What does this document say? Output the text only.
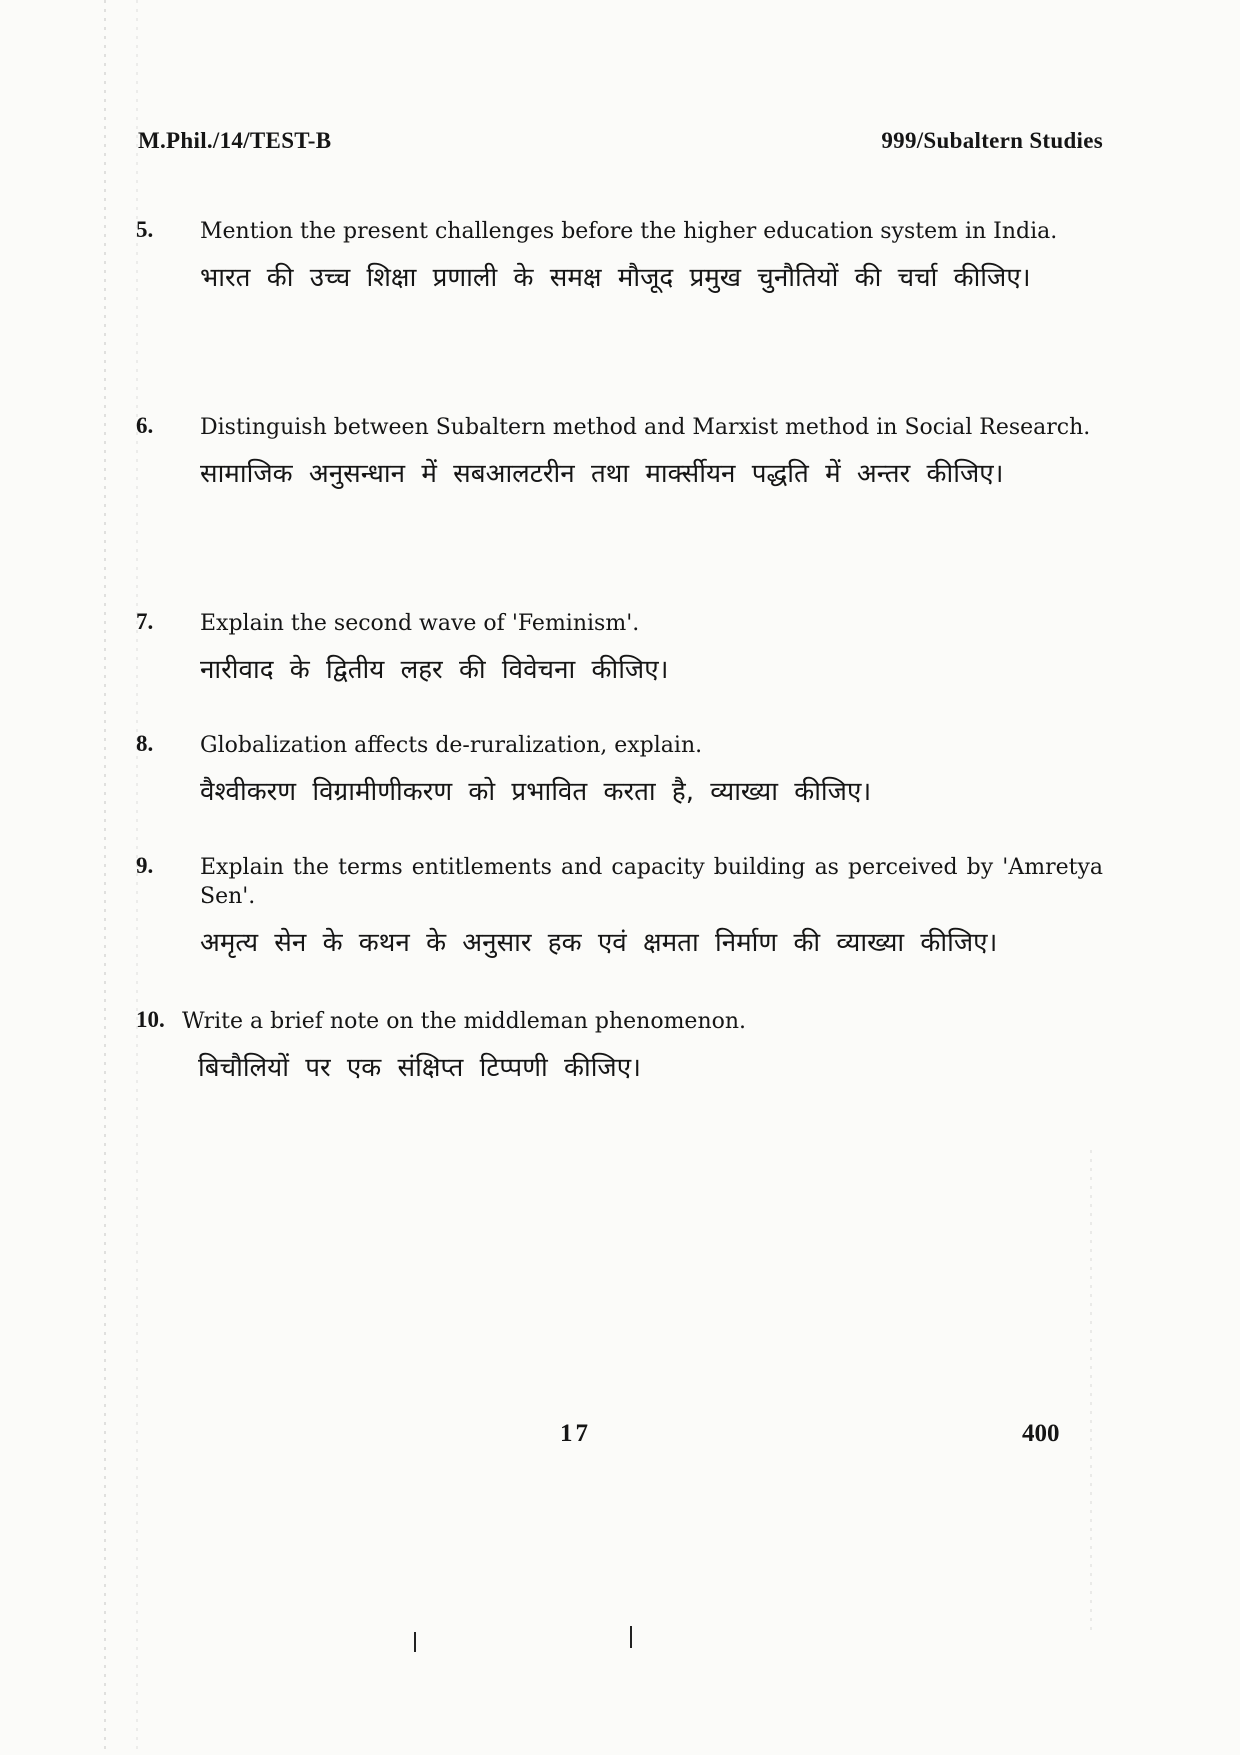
M.Phil./14/TEST-B	999/Subaltern Studies
5. Mention the present challenges before the higher education system in India.
भारत की उच्च शिक्षा प्रणाली के समक्ष मौजूद प्रमुख चुनौतियों की चर्चा कीजिए।
6. Distinguish between Subaltern method and Marxist method in Social Research.
सामाजिक अनुसन्धान में सबआलटरीन तथा मार्क्सीयन पद्धति में अन्तर कीजिए।
7. Explain the second wave of 'Feminism'.
नारीवाद के द्वितीय लहर की विवेचना कीजिए।
8. Globalization affects de-ruralization, explain.
वैश्वीकरण विग्रामीणीकरण को प्रभावित करता है, व्याख्या कीजिए।
9. Explain the terms entitlements and capacity building as perceived by 'Amretya Sen'.
अमृत्य सेन के कथन के अनुसार हक एवं क्षमता निर्माण की व्याख्या कीजिए।
10. Write a brief note on the middleman phenomenon.
बिचौलियों पर एक संक्षिप्त टिप्पणी कीजिए।
17	400
